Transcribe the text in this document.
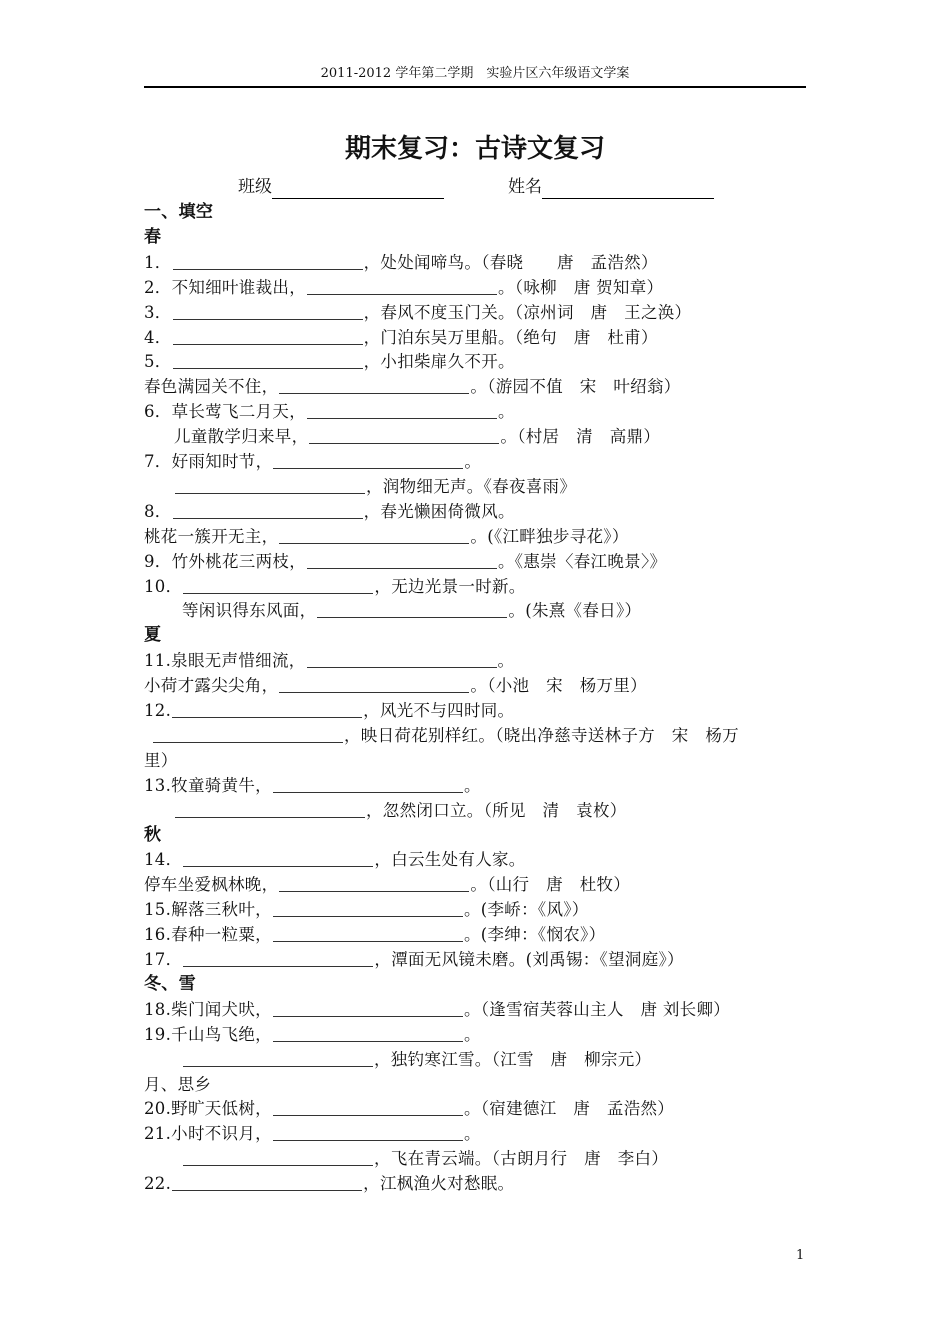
2011-2012 学年第二学期　实验片区六年级语文学案
期末复习：古诗文复习
班级	姓名
一、填空
春
1．	，处处闻啼鸟。（春晓　　唐　孟浩然）
2．不知细叶谁裁出，	。（咏柳　唐 贺知章）
3．	，春风不度玉门关。（凉州词　唐　王之涣）
4．	，门泊东吴万里船。（绝句　唐　杜甫）
5．	，小扣柴扉久不开。
春色满园关不住，	。（游园不值　宋　叶绍翁）
6．草长莺飞二月天，	。
儿童散学归来早，	。（村居　清　高鼎）
7．好雨知时节，	。
，润物细无声。《春夜喜雨》
8．	，春光懒困倚微风。
桃花一簇开无主，	。(《江畔独步寻花》）
9．竹外桃花三两枝，	。《惠崇〈春江晚景〉》
10．	，无边光景一时新。
等闲识得东风面，	。(朱熹《春日》）
夏
11.泉眼无声惜细流，	。
小荷才露尖尖角，	。（小池　宋　杨万里）
12.	，风光不与四时同。
，映日荷花别样红。（晓出净慈寺送林子方　宋　杨万
里）
13.牧童骑黄牛，	。
，忽然闭口立。（所见　清　袁枚）
秋
14．	，白云生处有人家。
停车坐爱枫林晚，	。（山行　唐　杜牧）
15.解落三秋叶，	。(李峤：《风》）
16.春种一粒粟，	。(李绅：《悯农》）
17．	，潭面无风镜未磨。(刘禹锡：《望洞庭》）
冬、雪
18.柴门闻犬吠，	。（逢雪宿芙蓉山主人　唐 刘长卿）
19.千山鸟飞绝，	。
，独钓寒江雪。（江雪　唐　柳宗元）
月、思乡
20.野旷天低树，	。（宿建德江　唐　孟浩然）
21.小时不识月，	。
，飞在青云端。（古朗月行　唐　李白）
22.	，江枫渔火对愁眠。
1
